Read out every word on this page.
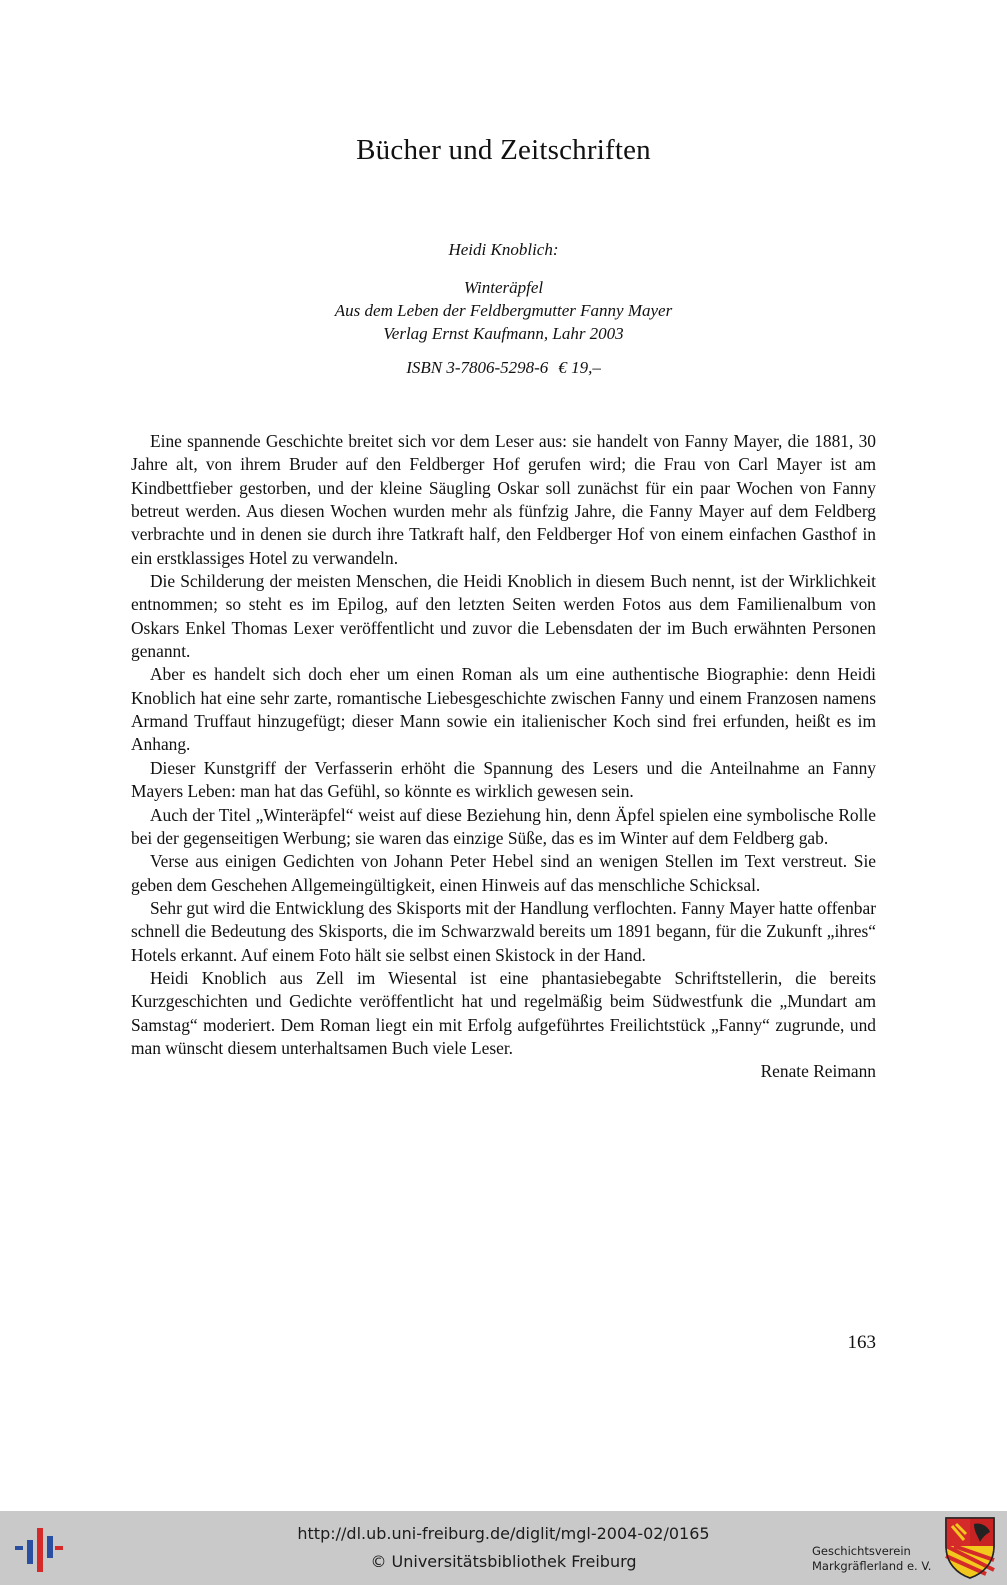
Bücher und Zeitschriften
Heidi Knoblich:
Winteräpfel
Aus dem Leben der Feldbergmutter Fanny Mayer
Verlag Ernst Kaufmann, Lahr 2003
ISBN 3-7806-5298-6 € 19,–

Eine spannende Geschichte breitet sich vor dem Leser aus: sie handelt von Fanny Mayer, die 1881, 30 Jahre alt, von ihrem Bruder auf den Feldberger Hof gerufen wird; die Frau von Carl Mayer ist am Kindbettfieber gestorben, und der kleine Säugling Oskar soll zunächst für ein paar Wochen von Fanny betreut werden. Aus diesen Wochen wurden mehr als fünfzig Jahre, die Fanny Mayer auf dem Feldberg verbrachte und in denen sie durch ihre Tatkraft half, den Feldberger Hof von einem einfachen Gasthof in ein erstklassiges Hotel zu verwandeln.

Die Schilderung der meisten Menschen, die Heidi Knoblich in diesem Buch nennt, ist der Wirklichkeit entnommen; so steht es im Epilog, auf den letzten Seiten werden Fotos aus dem Familienalbum von Oskars Enkel Thomas Lexer veröffentlicht und zuvor die Lebensdaten der im Buch erwähnten Personen genannt.

Aber es handelt sich doch eher um einen Roman als um eine authentische Biographie: denn Heidi Knoblich hat eine sehr zarte, romantische Liebesgeschichte zwischen Fanny und einem Franzosen namens Armand Truffaut hinzugefügt; dieser Mann sowie ein italienischer Koch sind frei erfunden, heißt es im Anhang.

Dieser Kunstgriff der Verfasserin erhöht die Spannung des Lesers und die Anteilnahme an Fanny Mayers Leben: man hat das Gefühl, so könnte es wirklich gewesen sein.

Auch der Titel „Winteräpfel“ weist auf diese Beziehung hin, denn Äpfel spielen eine symbolische Rolle bei der gegenseitigen Werbung; sie waren das einzige Süße, das es im Winter auf dem Feldberg gab.

Verse aus einigen Gedichten von Johann Peter Hebel sind an wenigen Stellen im Text verstreut. Sie geben dem Geschehen Allgemeingültigkeit, einen Hinweis auf das menschliche Schicksal.

Sehr gut wird die Entwicklung des Skisports mit der Handlung verflochten. Fanny Mayer hatte offenbar schnell die Bedeutung des Skisports, die im Schwarzwald bereits um 1891 begann, für die Zukunft „ihres“ Hotels erkannt. Auf einem Foto hält sie selbst einen Skistock in der Hand.

Heidi Knoblich aus Zell im Wiesental ist eine phantasiebegabte Schriftstellerin, die bereits Kurzgeschichten und Gedichte veröffentlicht hat und regelmäßig beim Südwestfunk die „Mundart am Samstag“ moderiert. Dem Roman liegt ein mit Erfolg aufgeführtes Freilichtstück „Fanny“ zugrunde, und man wünscht diesem unterhaltsamen Buch viele Leser.

Renate Reimann
163
http://dl.ub.uni-freiburg.de/diglit/mgl-2004-02/0165
© Universitätsbibliothek Freiburg
Geschichtsverein
Markgräflerland e. V.
